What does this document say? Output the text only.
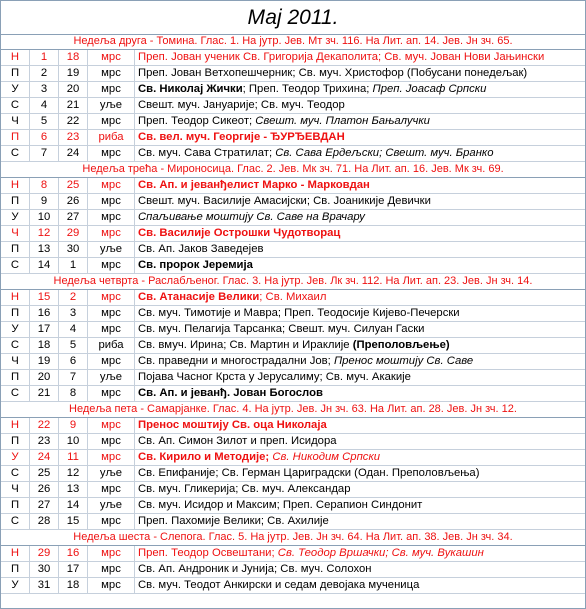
Мај 2011.
Недеља друга - Томина. Глас. 1. На јутр. Јев. Мт зч. 116. На Лит. ап. 14. Јев. Јн зч. 65.
Н	1	18	мрс	Преп. Јован ученик Св. Григорија Декаполита; Св. муч. Јован Нови Јањински
П	2	19	мрс	Преп. Јован Ветхопешчерник; Св. муч. Христофор (Побусани понедељак)
У	3	20	мрс	Св. Николај Жички; Преп. Теодор Трихина; Преп. Јоасаф Српски
С	4	21	уље	Свешт. муч. Јануарије; Св. муч. Теодор
Ч	5	22	мрс	Преп. Теодор Сикеот; Свешт. муч. Платон Бањалучки
П	6	23	риба	Св. вел. муч. Георгије - ЂУРЂЕВДАН
С	7	24	мрс	Св. муч. Сава Стратилат; Св. Сава Ердељски; Свешт. муч. Бранко
Недеља трећа - Мироносица. Глас. 2. Јев. Мк зч. 71. На Лит. ап. 16. Јев. Мк зч. 69.
Н	8	25	мрс	Св. Ап. и јеванђелист Марко - Марковдан
П	9	26	мрс	Свешт. муч. Василије Амасијски; Св. Јоаникије Девички
У	10	27	мрс	Спаљивање моштију Св. Саве на Врачару
Ч	12	29	мрс	Св. Василије Острошки Чудотворац
П	13	30	уље	Св. Ап. Јаков Заведејев
С	14	1	мрс	Св. пророк Јеремија
Недеља четврта - Раслабљеног. Глас. 3. На јутр. Јев. Лк зч. 112. На Лит. ап. 23. Јев. Јн зч. 14.
Н	15	2	мрс	Св. Атанасије Велики; Св. Михаил
П	16	3	мрс	Св. муч. Тимотије и Мавра; Преп. Теодосије Кијево-Печерски
У	17	4	мрс	Св. муч. Пелагија Тарсанка; Свешт. муч. Силуан Гаски
С	18	5	риба	Св. вмуч. Ирина; Св. Мартин и Ираклије (Преполовљење)
Ч	19	6	мрс	Св. праведни и многострадални Јов; Пренос моштију Св. Саве
П	20	7	уље	Појава Часног Крста у Јерусалиму; Св. муч. Акакије
С	21	8	мрс	Св. Ап. и јеванђ. Јован Богослов
Недеља пета - Самарјанке. Глас. 4. На јутр. Јев. Јн зч. 63. На Лит. ап. 28. Јев. Јн зч. 12.
Н	22	9	мрс	Пренос моштију Св. оца Николаја
П	23	10	мрс	Св. Ап. Симон Зилот и преп. Исидора
У	24	11	мрс	Св. Кирило и Методије; Св. Никодим Српски
С	25	12	уље	Св. Епифаније; Св. Герман Цариградски (Одан. Преполовљења)
Ч	26	13	мрс	Св. муч. Гликерија; Св. муч. Александар
П	27	14	уље	Св. муч. Исидор и Максим; Преп. Серапион Синдонит
С	28	15	мрс	Преп. Пахомије Велики; Св. Ахилије
Недеља шеста - Слепога. Глас. 5. На јутр. Јев. Јн зч. 64. На Лит. ап. 38. Јев. Јн зч. 34.
Н	29	16	мрс	Преп. Теодор Освештани; Св. Теодор Вршачки; Св. муч. Вукашин
П	30	17	мрс	Св. Ап. Андроник и Јунија; Св. муч. Солохон
У	31	18	мрс	Св. муч. Теодот Анкирски и седам девојака мученица
